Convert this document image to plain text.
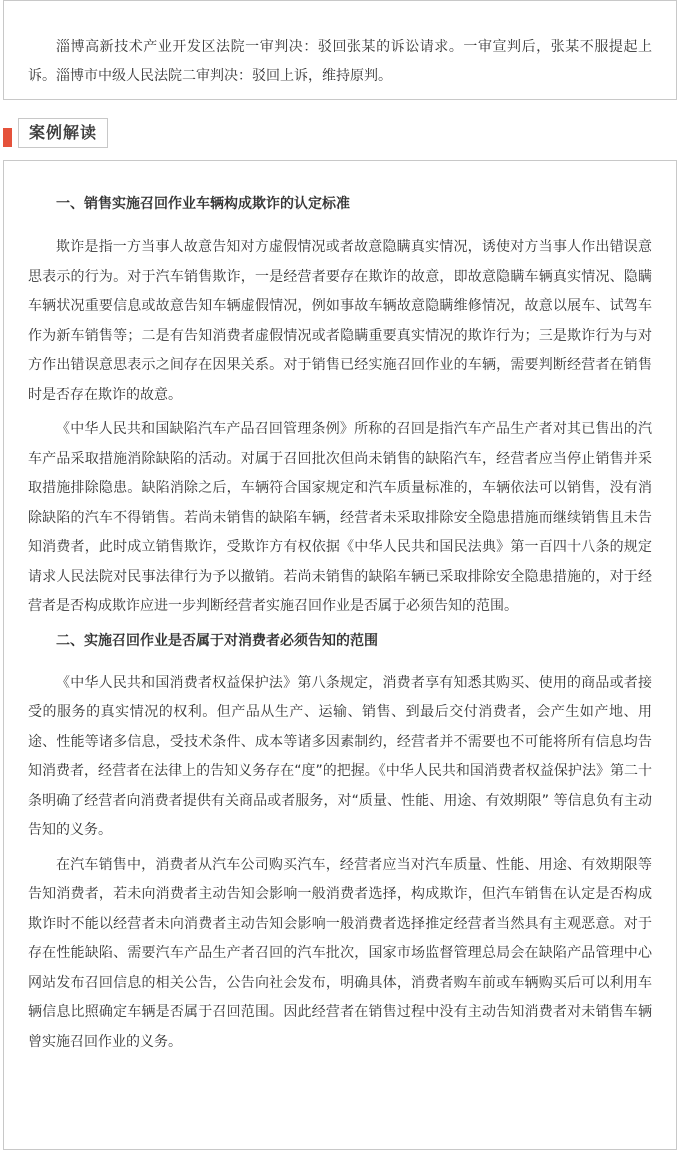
淄博高新技术产业开发区法院一审判决：驳回张某的诉讼请求。一审宣判后，张某不服提起上诉。淄博市中级人民法院二审判决：驳回上诉，维持原判。

案例解读
一、销售实施召回作业车辆构成欺诈的认定标准

欺诈是指一方当事人故意告知对方虚假情况或者故意隐瞒真实情况，诱使对方当事人作出错误意思表示的行为。对于汽车销售欺诈，一是经营者要存在欺诈的故意，即故意隐瞒车辆真实情况、隐瞒车辆状况重要信息或故意告知车辆虚假情况，例如事故车辆故意隐瞒维修情况，故意以展车、试驾车作为新车销售等；二是有告知消费者虚假情况或者隐瞒重要真实情况的欺诈行为；三是欺诈行为与对方作出错误意思表示之间存在因果关系。对于销售已经实施召回作业的车辆，需要判断经营者在销售时是否存在欺诈的故意。

《中华人民共和国缺陷汽车产品召回管理条例》所称的召回是指汽车产品生产者对其已售出的汽车产品采取措施消除缺陷的活动。对属于召回批次但尚未销售的缺陷汽车，经营者应当停止销售并采取措施排除隐患。缺陷消除之后，车辆符合国家规定和汽车质量标准的，车辆依法可以销售，没有消除缺陷的汽车不得销售。若尚未销售的缺陷车辆，经营者未采取排除安全隐患措施而继续销售且未告知消费者，此时成立销售欺诈，受欺诈方有权依据《中华人民共和国民法典》第一百四十八条的规定请求人民法院对民事法律行为予以撤销。若尚未销售的缺陷车辆已采取排除安全隐患措施的，对于经营者是否构成欺诈应进一步判断经营者实施召回作业是否属于必须告知的范围。

二、实施召回作业是否属于对消费者必须告知的范围

《中华人民共和国消费者权益保护法》第八条规定，消费者享有知悉其购买、使用的商品或者接受的服务的真实情况的权利。但产品从生产、运输、销售、到最后交付消费者，会产生如产地、用途、性能等诸多信息，受技术条件、成本等诸多因素制约，经营者并不需要也不可能将所有信息均告知消费者，经营者在法律上的告知义务存在“度”的把握。《中华人民共和国消费者权益保护法》第二十条明确了经营者向消费者提供有关商品或者服务，对“质量、性能、用途、有效期限” 等信息负有主动告知的义务。

在汽车销售中，消费者从汽车公司购买汽车，经营者应当对汽车质量、性能、用途、有效期限等告知消费者，若未向消费者主动告知会影响一般消费者选择，构成欺诈，但汽车销售在认定是否构成欺诈时不能以经营者未向消费者主动告知会影响一般消费者选择推定经营者当然具有主观恶意。对于存在性能缺陷、需要汽车产品生产者召回的汽车批次，国家市场监督管理总局会在缺陷产品管理中心网站发布召回信息的相关公告，公告向社会发布，明确具体，消费者购车前或车辆购买后可以利用车辆信息比照确定车辆是否属于召回范围。因此经营者在销售过程中没有主动告知消费者对未销售车辆曾实施召回作业的义务。
